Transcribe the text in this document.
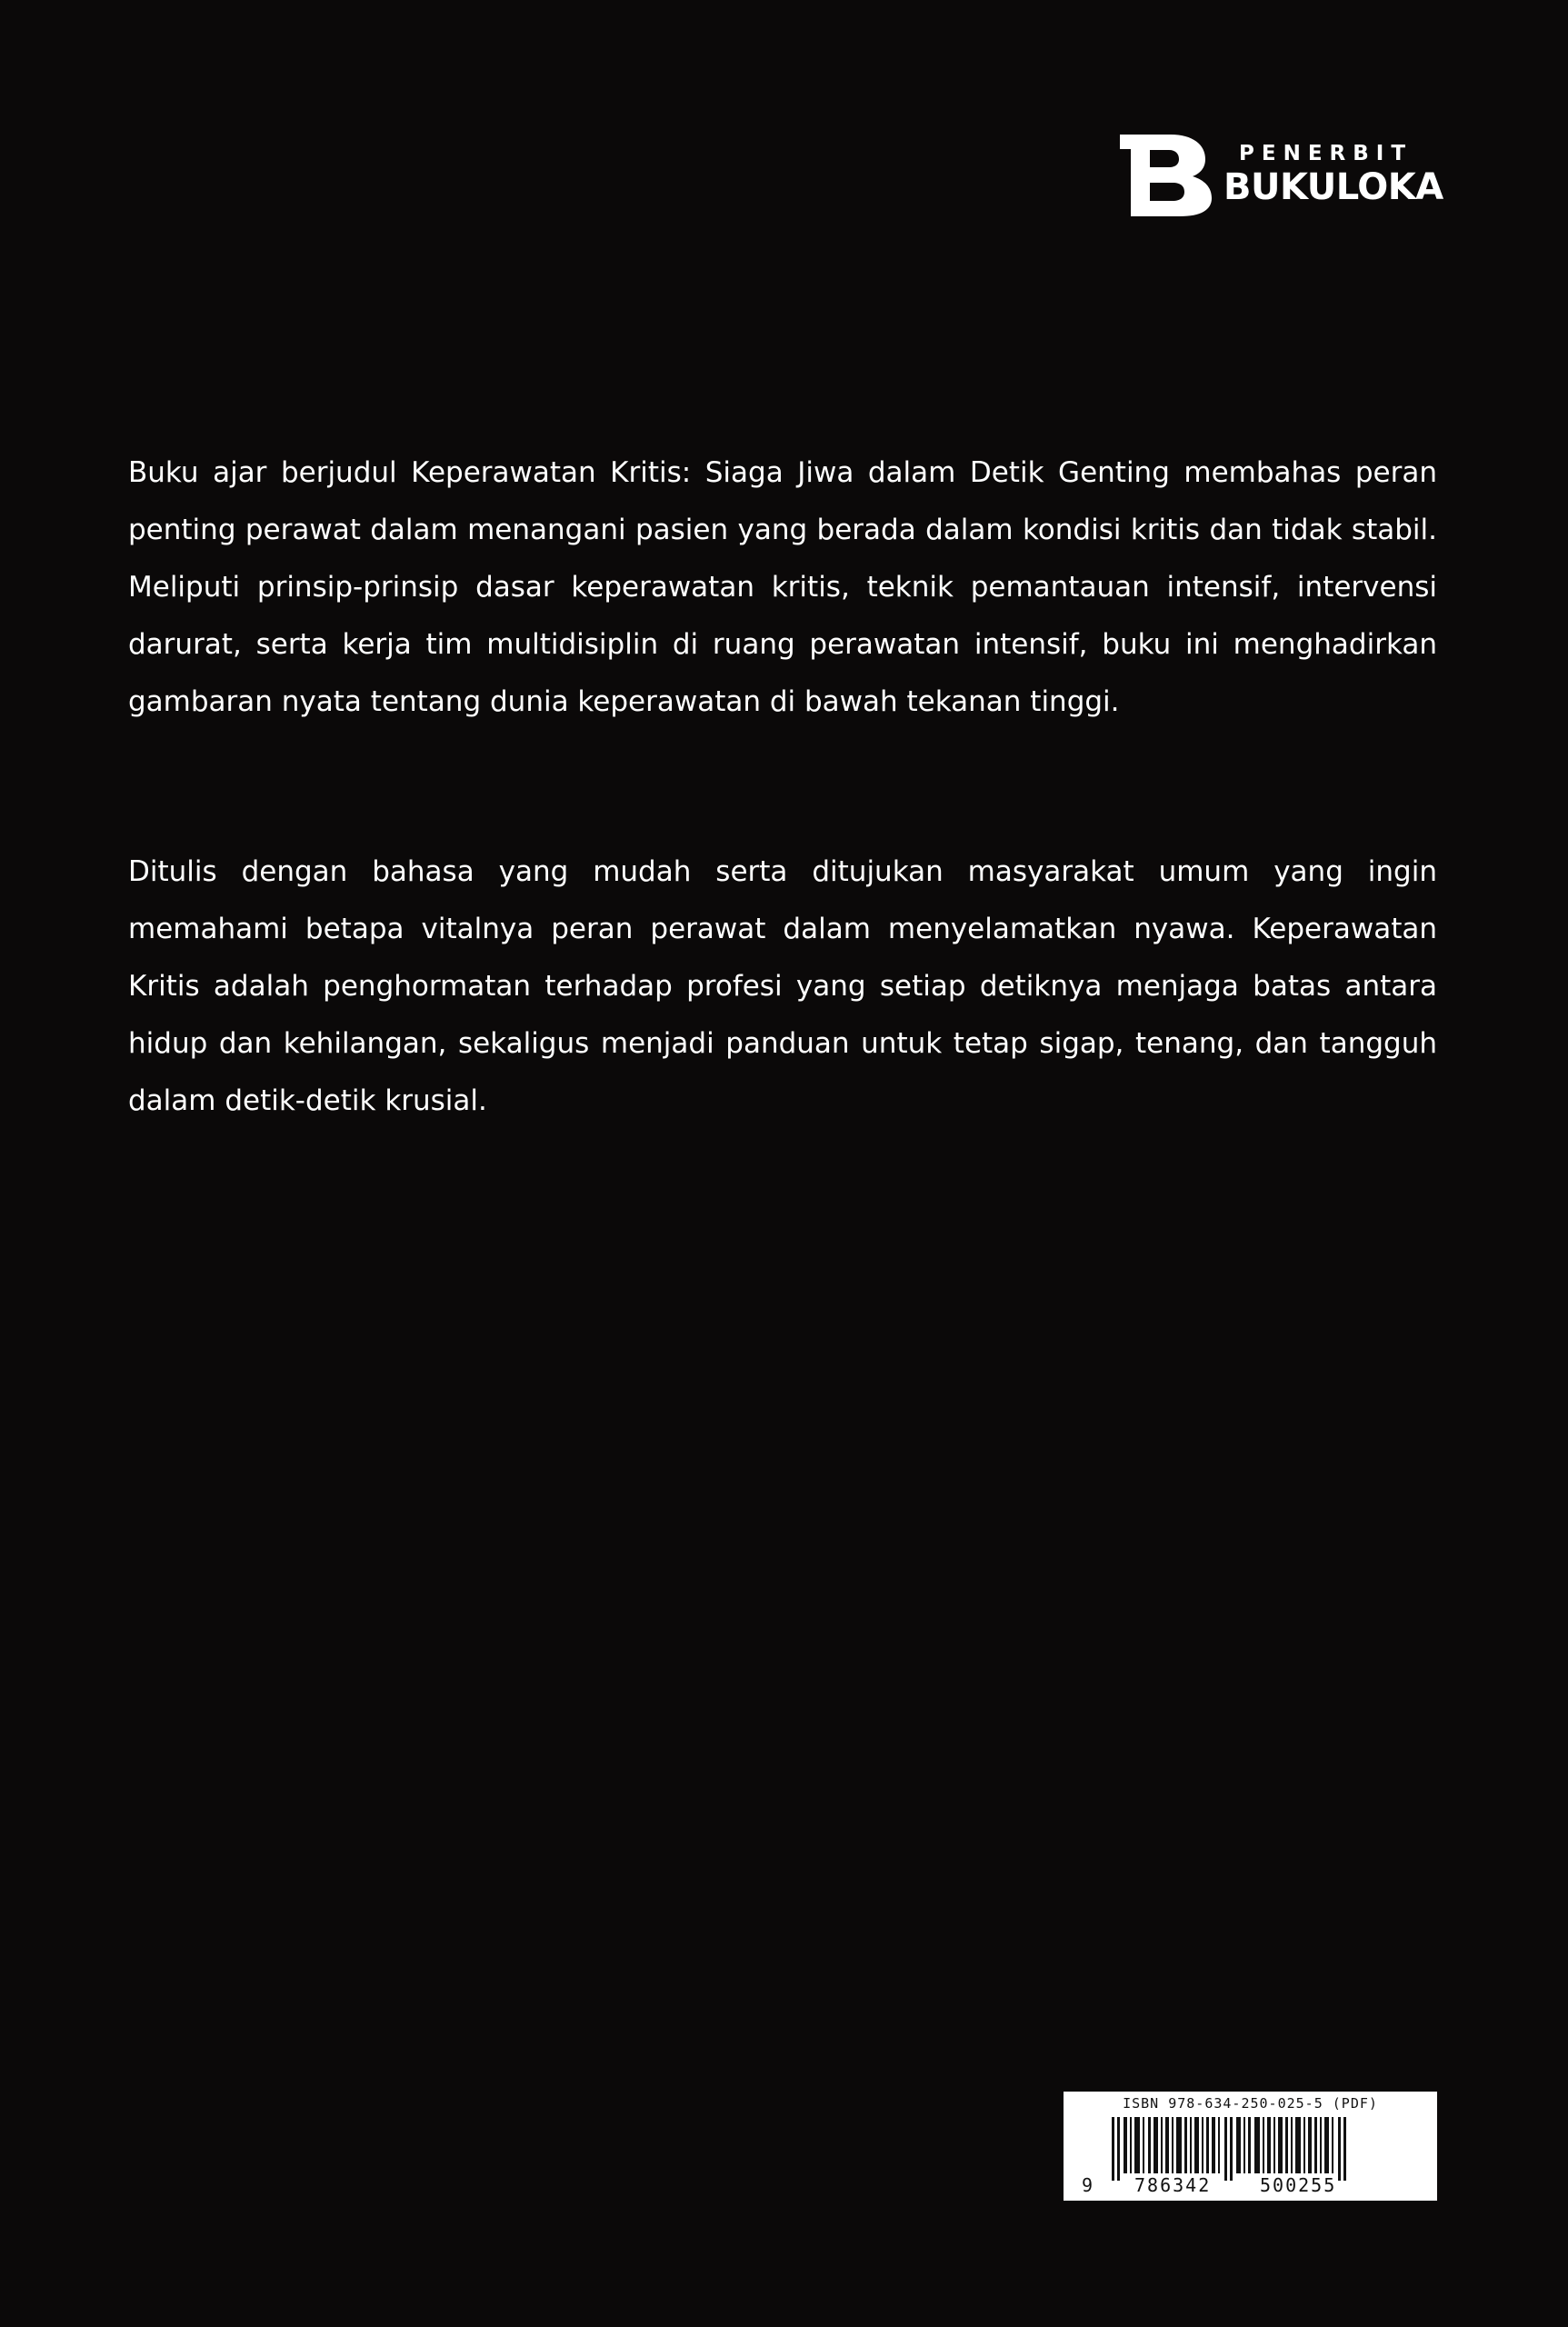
PENERBIT
BUKULOKA

Buku ajar berjudul Keperawatan Kritis: Siaga Jiwa dalam Detik Genting membahas peran penting perawat dalam menangani pasien yang berada dalam kondisi kritis dan tidak stabil. Meliputi prinsip-prinsip dasar keperawatan kritis, teknik pemantauan intensif, intervensi darurat, serta kerja tim multidisiplin di ruang perawatan intensif, buku ini menghadirkan gambaran nyata tentang dunia keperawatan di bawah tekanan tinggi.

Ditulis dengan bahasa yang mudah serta ditujukan masyarakat umum yang ingin memahami betapa vitalnya peran perawat dalam menyelamatkan nyawa. Keperawatan Kritis adalah penghormatan terhadap profesi yang setiap detiknya menjaga batas antara hidup dan kehilangan, sekaligus menjadi panduan untuk tetap sigap, tenang, dan tangguh dalam detik-detik krusial.

ISBN 978-634-250-025-5 (PDF)
9 786342	500255
